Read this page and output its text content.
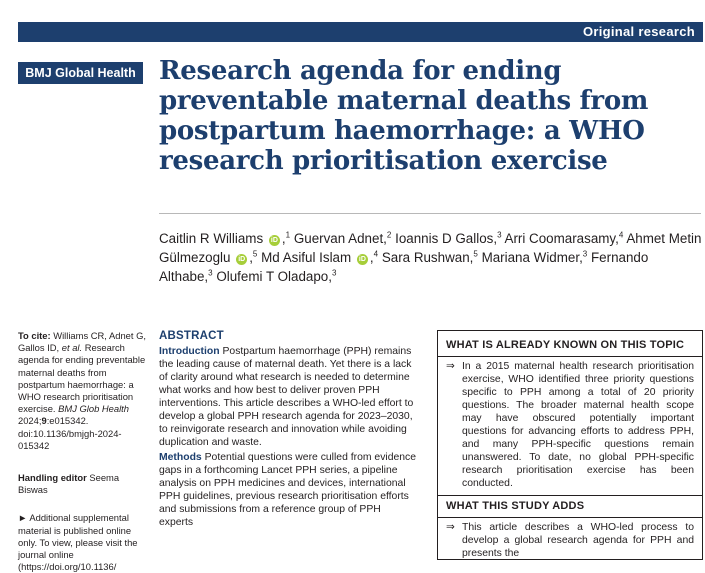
Original research
BMJ Global Health Research agenda for ending preventable maternal deaths from postpartum haemorrhage: a WHO research prioritisation exercise
Caitlin R Williams iD ,$^1$ Guervan Adnet,$^2$ Ioannis D Gallos,$^3$ Arri Coomarasamy,$^4$ Ahmet Metin Gülmezoglu iD ,$^5$ Md Asiful Islam iD ,$^4$ Sara Rushwan,$^5$ Mariana Widmer,$^3$ Fernando Althabe,$^3$ Olufemi T Oladapo,$^3$

To cite: Williams CR, Adnet G, Gallos ID, et al. Research agenda for ending preventable maternal deaths from postpartum haemorrhage: a WHO research prioritisation exercise. BMJ Glob Health 2024;9:e015342. doi:10.1136/bmjgh-2024-015342

Handling editor Seema Biswas

► Additional supplemental material is published online only. To view, please visit the journal online (https://doi.org/10.1136/

ABSTRACT

Introduction Postpartum haemorrhage (PPH) remains the leading cause of maternal death. Yet there is a lack of clarity around what research is needed to determine what works and how best to deliver proven PPH interventions. This article describes a WHO-led effort to develop a global PPH research agenda for 2023–2030, to reinvigorate research and innovation while avoiding duplication and waste.

Methods Potential questions were culled from evidence gaps in a forthcoming Lancet PPH series, a pipeline analysis on PPH medicines and devices, international PPH guidelines, previous research prioritisation efforts and submissions from a reference group of PPH experts

WHAT IS ALREADY KNOWN ON THIS TOPIC

⇒ In a 2015 maternal health research prioritisation exercise, WHO identified three priority questions specific to PPH among a total of 20 priority questions. The broader maternal health scope may have obscured potentially important questions for advancing efforts to address PPH, and many PPH-specific questions remain unanswered. To date, no global PPH-specific research prioritisation exercise has been conducted.

WHAT THIS STUDY ADDS

⇒ This article describes a WHO-led process to develop a global research agenda for PPH and presents the
